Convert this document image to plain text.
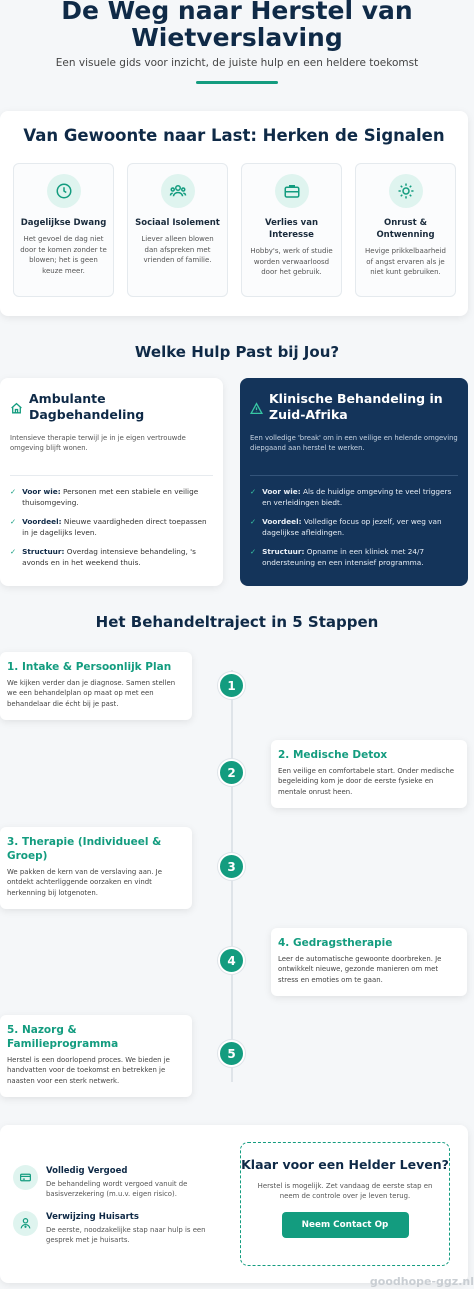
De Weg naar Herstel van Wietverslaving

Een visuele gids voor inzicht, de juiste hulp en een heldere toekomst

Van Gewoonte naar Last: Herken de Signalen
Dagelijkse Dwang

Het gevoel de dag niet door te komen zonder te blowen; het is geen keuze meer.

Sociaal Isolement

Liever alleen blowen dan afspreken met vrienden of familie.

Verlies van Interesse

Hobby's, werk of studie worden verwaarloosd door het gebruik.

Onrust & Ontwenning

Hevige prikkelbaarheid of angst ervaren als je niet kunt gebruiken.

Welke Hulp Past bij Jou?
Ambulante Dagbehandeling

Intensieve therapie terwijl je in je eigen vertrouwde omgeving blijft wonen.

✓ Voor wie: Personen met een stabiele en veilige thuisomgeving.
✓ Voordeel: Nieuwe vaardigheden direct toepassen in je dagelijks leven.
✓ Structuur: Overdag intensieve behandeling, 's avonds en in het weekend thuis.
Klinische Behandeling in Zuid-Afrika

Een volledige 'break' om in een veilige en helende omgeving diepgaand aan herstel te werken.

✓ Voor wie: Als de huidige omgeving te veel triggers en verleidingen biedt.
✓ Voordeel: Volledige focus op jezelf, ver weg van dagelijkse afleidingen.
✓ Structuur: Opname in een kliniek met 24/7 ondersteuning en een intensief programma.
Het Behandeltraject in 5 Stappen
1. Intake & Persoonlijk Plan

We kijken verder dan je diagnose. Samen stellen we een behandelplan op maat op met een behandelaar die écht bij je past.

1
2. Medische Detox

Een veilige en comfortabele start. Onder medische begeleiding kom je door de eerste fysieke en mentale onrust heen.

2
3. Therapie (Individueel & Groep)

We pakken de kern van de verslaving aan. Je ontdekt achterliggende oorzaken en vindt herkenning bij lotgenoten.

3
4. Gedragstherapie

Leer de automatische gewoonte doorbreken. Je ontwikkelt nieuwe, gezonde manieren om met stress en emoties om te gaan.

4
5. Nazorg & Familieprogramma

Herstel is een doorlopend proces. We bieden je handvatten voor de toekomst en betrekken je naasten voor een sterk netwerk.

5
Volledig Vergoed

De behandeling wordt vergoed vanuit de basisverzekering (m.u.v. eigen risico).

Verwijzing Huisarts

De eerste, noodzakelijke stap naar hulp is een gesprek met je huisarts.

Klaar voor een Helder Leven?

Herstel is mogelijk. Zet vandaag de eerste stap en neem de controle over je leven terug.

Neem Contact Op
goodhope-ggz.nl
